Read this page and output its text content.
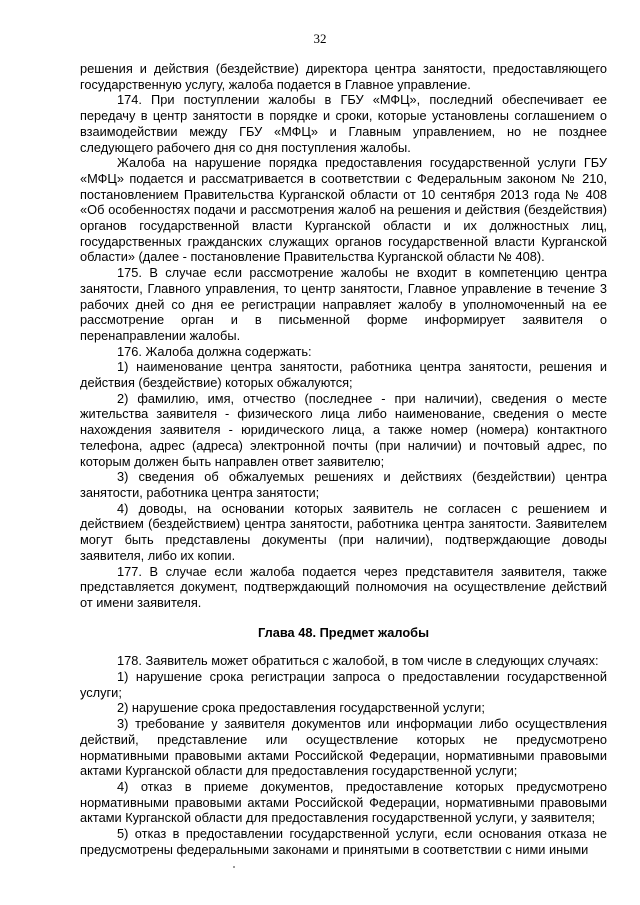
32

решения и действия (бездействие) директора центра занятости, предоставляющего государственную услугу, жалоба подается в Главное управление.

174. При поступлении жалобы в ГБУ «МФЦ», последний обеспечивает ее передачу в центр занятости в порядке и сроки, которые установлены соглашением о взаимодействии между ГБУ «МФЦ» и Главным управлением, но не позднее следующего рабочего дня со дня поступления жалобы.

Жалоба на нарушение порядка предоставления государственной услуги ГБУ «МФЦ» подается и рассматривается в соответствии с Федеральным законом № 210, постановлением Правительства Курганской области от 10 сентября 2013 года № 408 «Об особенностях подачи и рассмотрения жалоб на решения и действия (бездействия) органов государственной власти Курганской области и их должностных лиц, государственных гражданских служащих органов государственной власти Курганской области» (далее - постановление Правительства Курганской области № 408).

175. В случае если рассмотрение жалобы не входит в компетенцию центра занятости, Главного управления, то центр занятости, Главное управление в течение 3 рабочих дней со дня ее регистрации направляет жалобу в уполномоченный на ее рассмотрение орган и в письменной форме информирует заявителя о перенаправлении жалобы.

176. Жалоба должна содержать:

1) наименование центра занятости, работника центра занятости, решения и действия (бездействие) которых обжалуются;

2) фамилию, имя, отчество (последнее - при наличии), сведения о месте жительства заявителя - физического лица либо наименование, сведения о месте нахождения заявителя - юридического лица, а также номер (номера) контактного телефона, адрес (адреса) электронной почты (при наличии) и почтовый адрес, по которым должен быть направлен ответ заявителю;

3) сведения об обжалуемых решениях и действиях (бездействии) центра занятости, работника центра занятости;

4) доводы, на основании которых заявитель не согласен с решением и действием (бездействием) центра занятости, работника центра занятости. Заявителем могут быть представлены документы (при наличии), подтверждающие доводы заявителя, либо их копии.

177. В случае если жалоба подается через представителя заявителя, также представляется документ, подтверждающий полномочия на осуществление действий от имени заявителя.

Глава 48. Предмет жалобы

178. Заявитель может обратиться с жалобой, в том числе в следующих случаях:

1) нарушение срока регистрации запроса о предоставлении государственной услуги;

2) нарушение срока предоставления государственной услуги;

3) требование у заявителя документов или информации либо осуществления действий, представление или осуществление которых не предусмотрено нормативными правовыми актами Российской Федерации, нормативными правовыми актами Курганской области для предоставления государственной услуги;

4) отказ в приеме документов, предоставление которых предусмотрено нормативными правовыми актами Российской Федерации, нормативными правовыми актами Курганской области для предоставления государственной услуги, у заявителя;

5) отказ в предоставлении государственной услуги, если основания отказа не предусмотрены федеральными законами и принятыми в соответствии с ними иными
